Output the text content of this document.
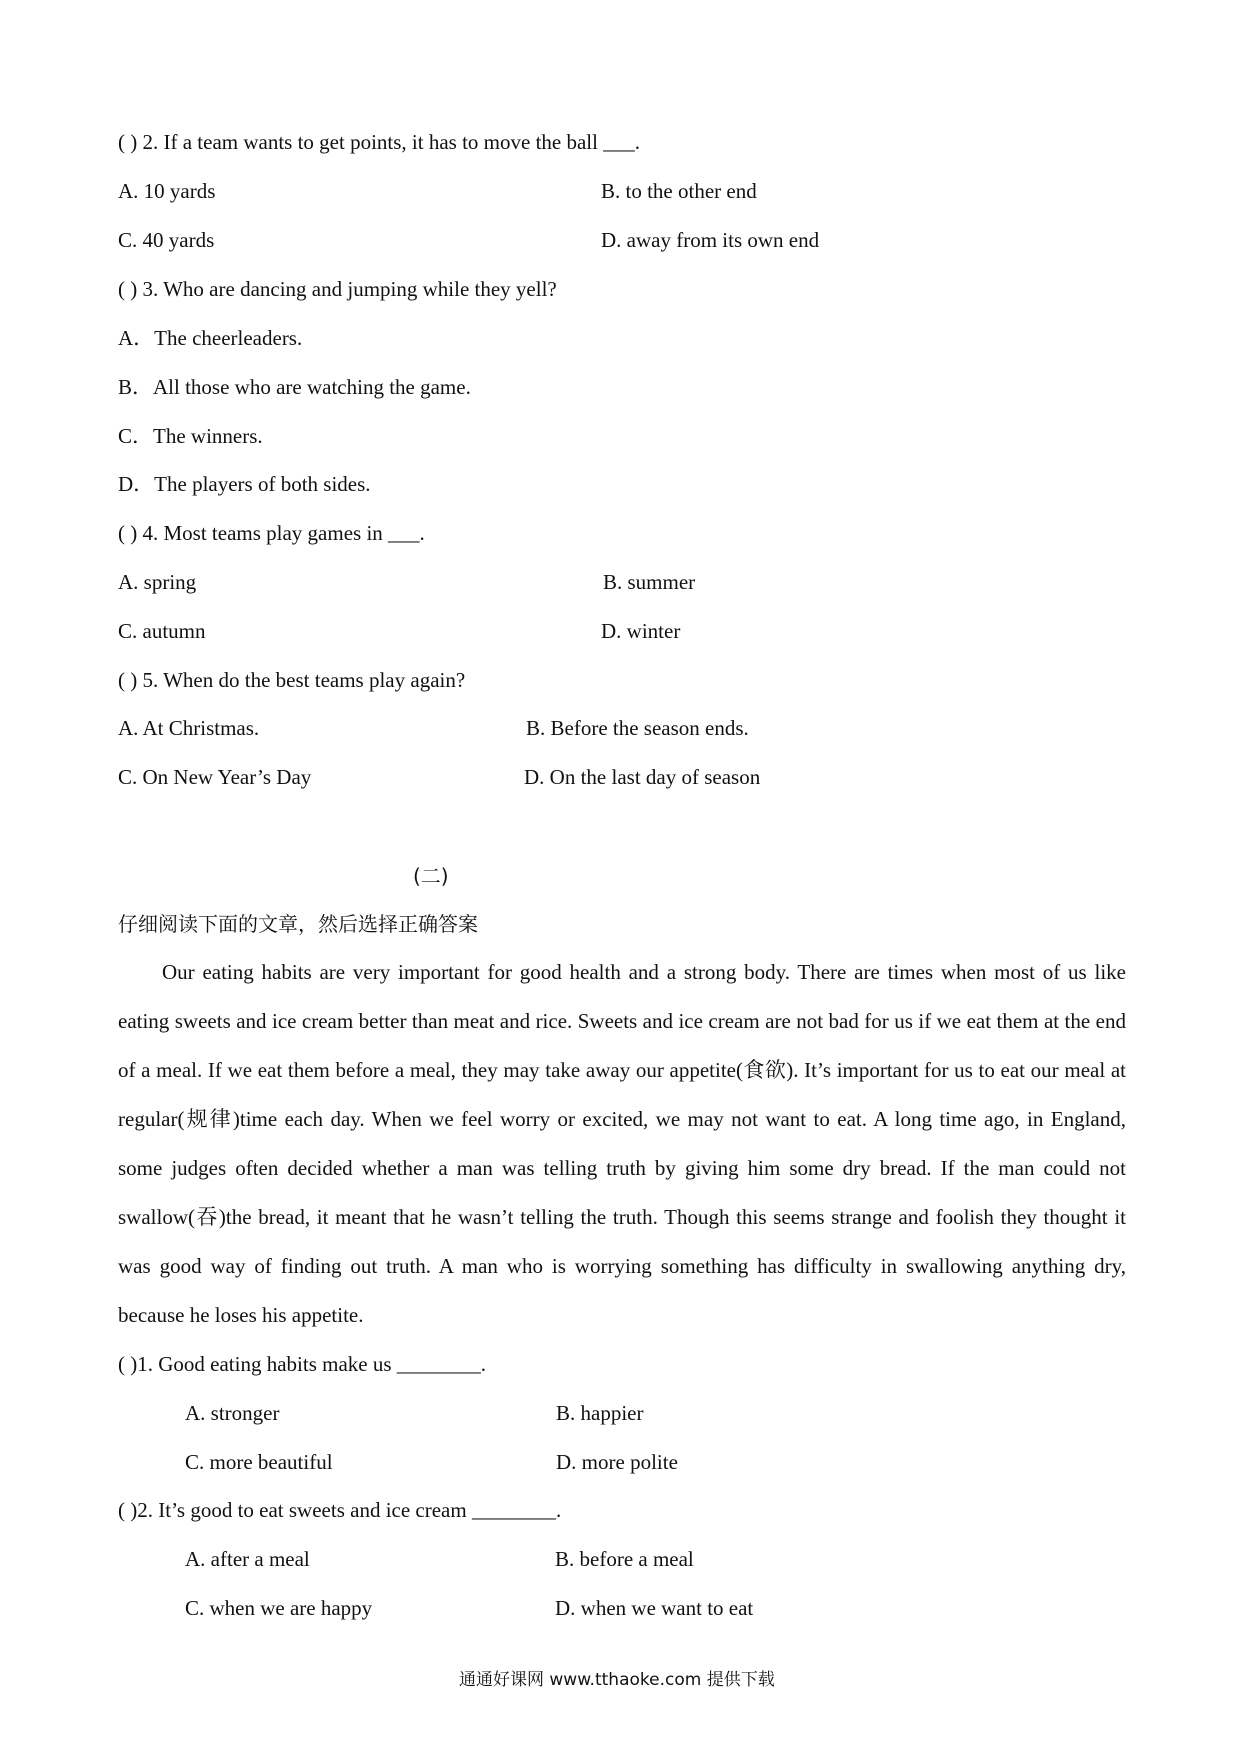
( ) 2. If a team wants to get points, it has to move the ball ___.
A. 10 yards	B. to the other end
C. 40 yards	D. away from its own end
( ) 3. Who are dancing and jumping while they yell?
A．The cheerleaders.
B．All those who are watching the game.
C．The winners.
D．The players of both sides.
( ) 4. Most teams play games in ___.
A. spring	B. summer
C. autumn	D. winter
( ) 5. When do the best teams play again?
A. At Christmas.	B. Before the season ends.
C. On New Year’s Day	D. On the last day of season
(二)
仔细阅读下面的文章，然后选择正确答案

Our eating habits are very important for good health and a strong body. There are times when most of us like eating sweets and ice cream better than meat and rice. Sweets and ice cream are not bad for us if we eat them at the end of a meal. If we eat them before a meal, they may take away our appetite(食欲). It’s important for us to eat our meal at regular(规律)time each day. When we feel worry or excited, we may not want to eat. A long time ago, in England, some judges often decided whether a man was telling truth by giving him some dry bread. If the man could not swallow(吞)the bread, it meant that he wasn’t telling the truth. Though this seems strange and foolish they thought it was good way of finding out truth. A man who is worrying something has difficulty in swallowing anything dry, because he loses his appetite.

( )1. Good eating habits make us ________.
A. stronger	B. happier
C. more beautiful	D. more polite
( )2. It’s good to eat sweets and ice cream ________.
A. after a meal	B. before a meal
C. when we are happy	D. when we want to eat
通通好课网 www.tthaoke.com 提供下载
